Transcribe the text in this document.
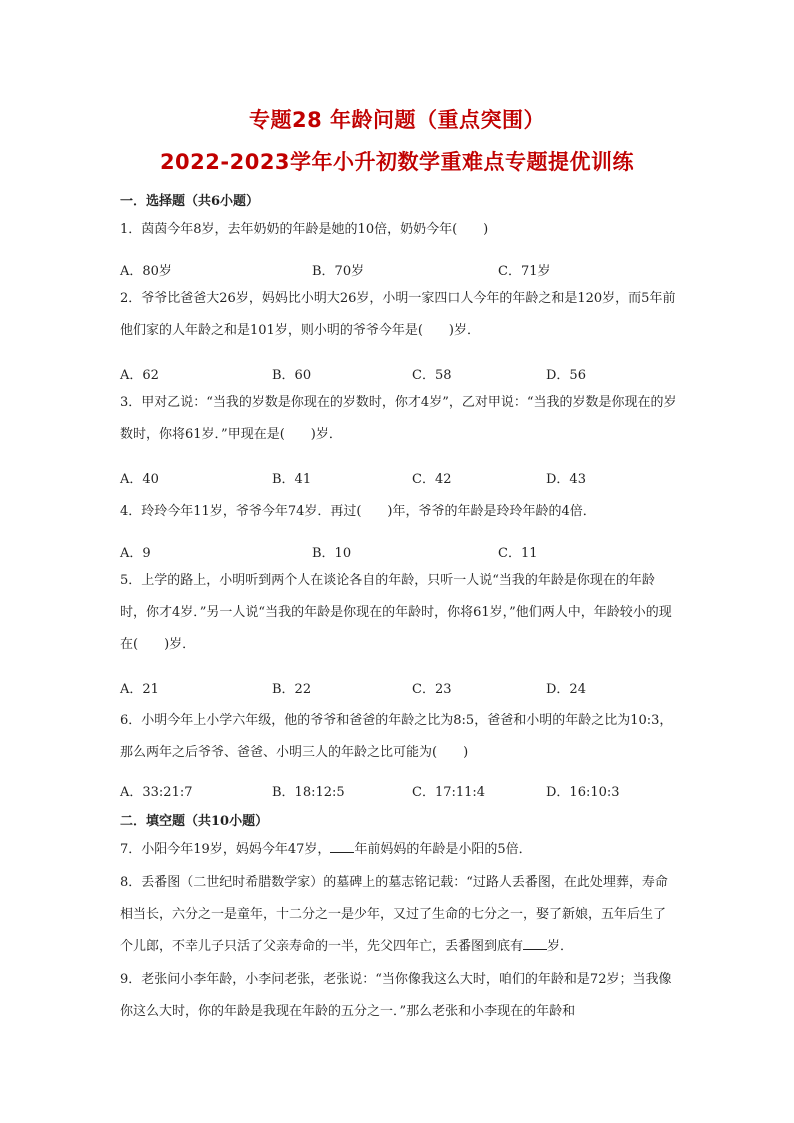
专题28 年龄问题（重点突围）
2022-2023学年小升初数学重难点专题提优训练
一．选择题（共6小题）
1．茵茵今年8岁，去年奶奶的年龄是她的10倍，奶奶今年(　　)
A．80岁	B．70岁	C．71岁
2．爷爷比爸爸大26岁，妈妈比小明大26岁，小明一家四口人今年的年龄之和是120岁，而5年前他们家的人年龄之和是101岁，则小明的爷爷今年是(　　)岁．
A．62	B．60	C．58	D．56
3．甲对乙说：“当我的岁数是你现在的岁数时，你才4岁”，乙对甲说：“当我的岁数是你现在的岁数时，你将61岁．”甲现在是(　　)岁．
A．40	B．41	C．42	D．43
4．玲玲今年11岁，爷爷今年74岁．再过(　　)年，爷爷的年龄是玲玲年龄的4倍．
A．9	B．10	C．11
5．上学的路上，小明听到两个人在谈论各自的年龄，只听一人说“当我的年龄是你现在的年龄时，你才4岁．”另一人说“当我的年龄是你现在的年龄时，你将61岁，”他们两人中，年龄较小的现在(　　)岁．
A．21	B．22	C．23	D．24
6．小明今年上小学六年级，他的爷爷和爸爸的年龄之比为8:5，爸爸和小明的年龄之比为10:3，那么两年之后爷爷、爸爸、小明三人的年龄之比可能为(　　)
A．33:21:7	B．18:12:5	C．17:11:4	D．16:10:3
二．填空题（共10小题）
7．小阳今年19岁，妈妈今年47岁， 年前妈妈的年龄是小阳的5倍．
8．丢番图（二世纪时希腊数学家）的墓碑上的墓志铭记载：“过路人丢番图，在此处埋葬，寿命相当长，六分之一是童年，十二分之一是少年，又过了生命的七分之一，娶了新娘，五年后生了个儿郎，不幸儿子只活了父亲寿命的一半，先父四年亡，丢番图到底有 岁．
9．老张问小李年龄，小李问老张，老张说：“当你像我这么大时，咱们的年龄和是72岁；当我像你这么大时，你的年龄是我现在年龄的五分之一．”那么老张和小李现在的年龄和
